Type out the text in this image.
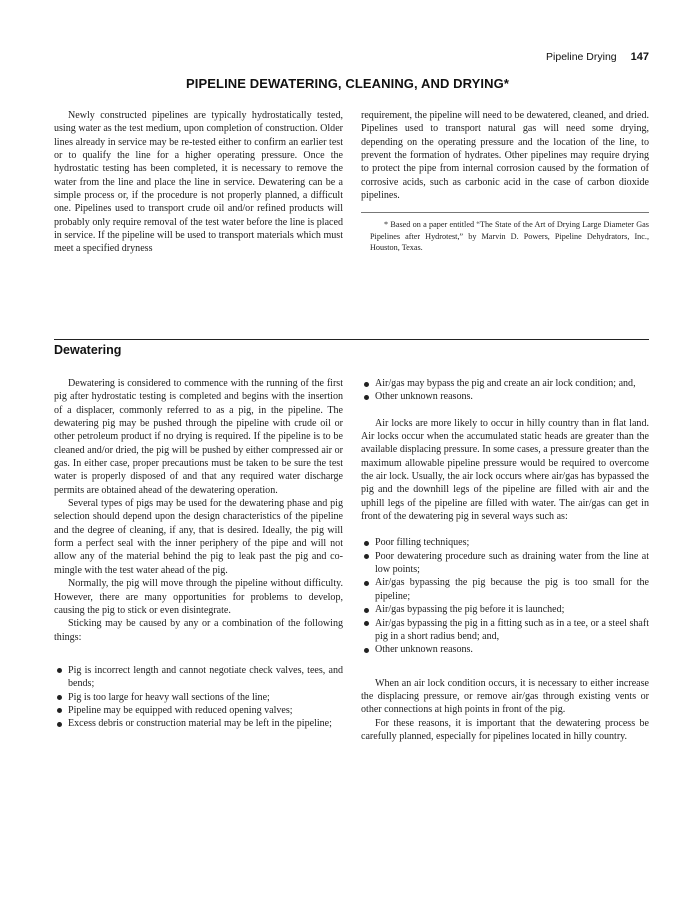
Pipeline Drying 147
PIPELINE DEWATERING, CLEANING, AND DRYING*

Newly constructed pipelines are typically hydrostatically tested, using water as the test medium, upon completion of construction. Older lines already in service may be re-tested either to confirm an earlier test or to qualify the line for a higher operating pressure. Once the hydrostatic testing has been completed, it is necessary to remove the water from the line and place the line in service. Dewatering can be a simple process or, if the procedure is not properly planned, a difficult one. Pipelines used to transport crude oil and/or refined products will probably only require removal of the test water before the line is placed in service. If the pipeline will be used to transport materials which must meet a specified dryness

requirement, the pipeline will need to be dewatered, cleaned, and dried. Pipelines used to transport natural gas will need some drying, depending on the operating pressure and the location of the line, to prevent the formation of hydrates. Other pipelines may require drying to protect the pipe from internal corrosion caused by the formation of corrosive acids, such as carbonic acid in the case of carbon dioxide pipelines.

* Based on a paper entitled “The State of the Art of Drying Large Diameter Gas Pipelines after Hydrotest,” by Marvin D. Powers, Pipeline Dehydrators, Inc., Houston, Texas.

Dewatering

Dewatering is considered to commence with the running of the first pig after hydrostatic testing is completed and begins with the insertion of a displacer, commonly referred to as a pig, in the pipeline. The dewatering pig may be pushed through the pipeline with crude oil or other petroleum product if no drying is required. If the pipeline is to be cleaned and/or dried, the pig will be pushed by either compressed air or gas. In either case, proper precautions must be taken to be sure the test water is properly disposed of and that any required water discharge permits are obtained ahead of the dewatering operation.

Several types of pigs may be used for the dewatering phase and pig selection should depend upon the design characteristics of the pipeline and the degree of cleaning, if any, that is desired. Ideally, the pig will form a perfect seal with the inner periphery of the pipe and will not allow any of the material behind the pig to leak past the pig and co-mingle with the test water ahead of the pig.

Normally, the pig will move through the pipeline without difficulty. However, there are many opportunities for problems to develop, causing the pig to stick or even disintegrate.

Sticking may be caused by any or a combination of the following things:

Pig is incorrect length and cannot negotiate check valves, tees, and bends;
Pig is too large for heavy wall sections of the line;
Pipeline may be equipped with reduced opening valves;
Excess debris or construction material may be left in the pipeline;
Air/gas may bypass the pig and create an air lock condition; and,
Other unknown reasons.

Air locks are more likely to occur in hilly country than in flat land. Air locks occur when the accumulated static heads are greater than the available displacing pressure. In some cases, a pressure greater than the maximum allowable pipeline pressure would be required to overcome the air lock. Usually, the air lock occurs where air/gas has bypassed the pig and the downhill legs of the pipeline are filled with air and the uphill legs of the pipeline are filled with water. The air/gas can get in front of the dewatering pig in several ways such as:

Poor filling techniques;
Poor dewatering procedure such as draining water from the line at low points;
Air/gas bypassing the pig because the pig is too small for the pipeline;
Air/gas bypassing the pig before it is launched;
Air/gas bypassing the pig in a fitting such as in a tee, or a steel shaft pig in a short radius bend; and,
Other unknown reasons.

When an air lock condition occurs, it is necessary to either increase the displacing pressure, or remove air/gas through existing vents or other connections at high points in front of the pig.

For these reasons, it is important that the dewatering process be carefully planned, especially for pipelines located in hilly country.
